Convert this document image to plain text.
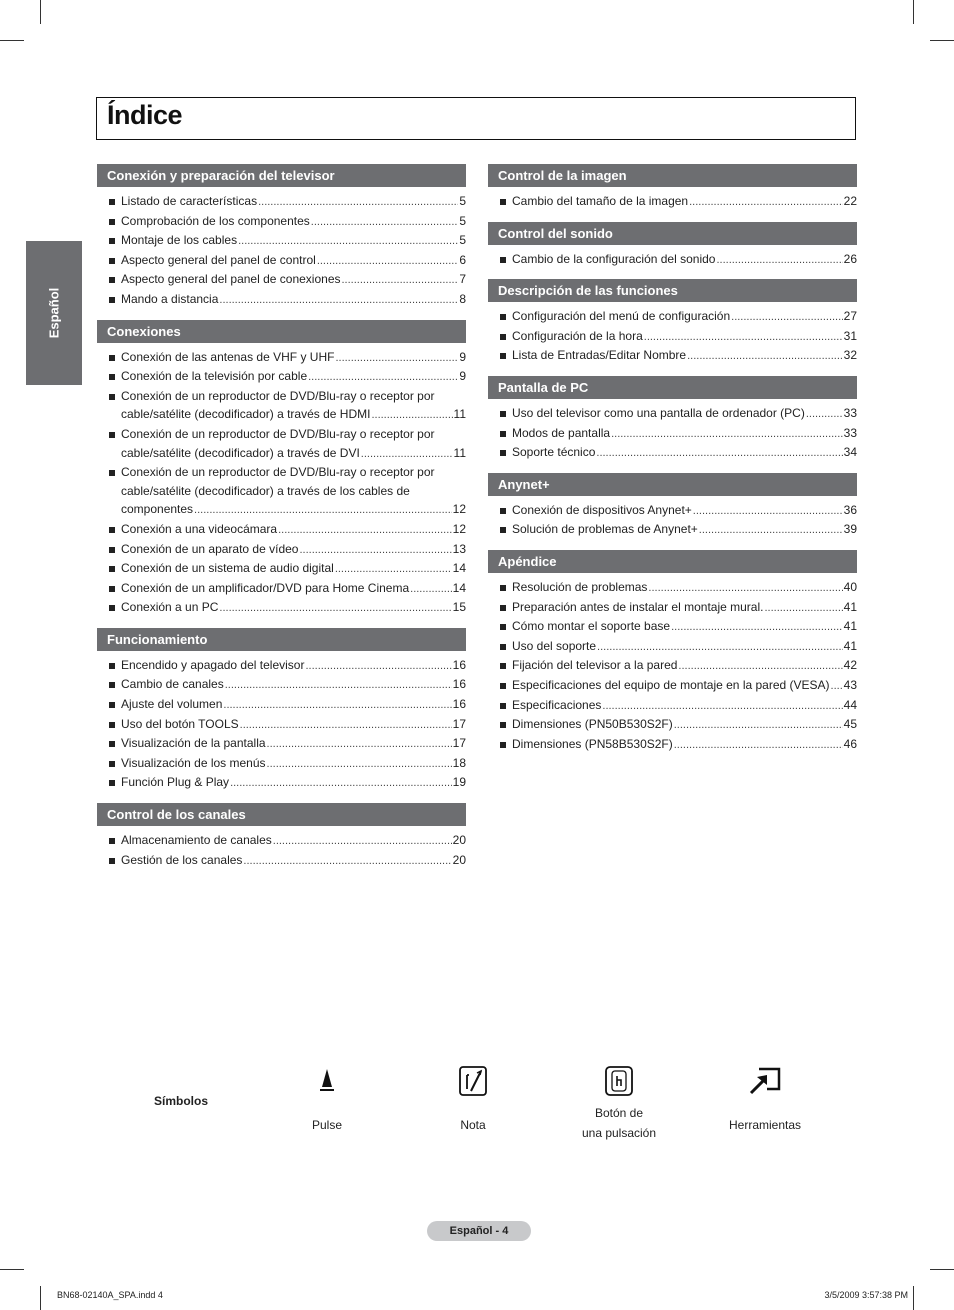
Índice
Español
Conexión y preparación del televisor
Listado de características .....	5
Comprobación de los componentes .....	5
Montaje de los cables .....	5
Aspecto general del panel de control .....	6
Aspecto general del panel de conexiones .....	7
Mando a distancia .....	8
Conexiones
Conexión de las antenas de VHF y UHF .....	9
Conexión de la televisión por cable .....	9
Conexión de un reproductor de DVD/Blu-ray o receptor por
cable/satélite (decodificador) a través de HDMI .....	11
Conexión de un reproductor de DVD/Blu-ray o receptor por
cable/satélite (decodificador) a través de DVI .....	11
Conexión de un reproductor de DVD/Blu-ray o receptor por
cable/satélite (decodificador) a través de los cables de
componentes .....	12
Conexión a una videocámara .....	12
Conexión de un aparato de vídeo .....	13
Conexión de un sistema de audio digital .....	14
Conexión de un amplificador/DVD para Home Cinema .....	14
Conexión a un PC .....	15
Funcionamiento
Encendido y apagado del televisor .....	16
Cambio de canales .....	16
Ajuste del volumen .....	16
Uso del botón TOOLS .....	17
Visualización de la pantalla .....	17
Visualización de los menús .....	18
Función Plug & Play .....	19
Control de los canales
Almacenamiento de canales .....	20
Gestión de los canales .....	20
Control de la imagen
Cambio del tamaño de la imagen .....	22
Control del sonido
Cambio de la configuración del sonido .....	26
Descripción de las funciones
Configuración del menú de configuración .....	27
Configuración de la hora .....	31
Lista de Entradas/Editar Nombre .....	32
Pantalla de PC
Uso del televisor como una pantalla de ordenador (PC) .....	33
Modos de pantalla .....	33
Soporte técnico .....	34
Anynet+
Conexión de dispositivos Anynet+ .....	36
Solución de problemas de Anynet+ .....	39
Apéndice
Resolución de problemas .....	40
Preparación antes de instalar el montaje mural. .....	41
Cómo montar el soporte base .....	41
Uso del soporte .....	41
Fijación del televisor a la pared .....	42
Especificaciones del equipo de montaje en la pared (VESA) ..... 43
Especificaciones .....	44
Dimensiones (PN50B530S2F) .....	45
Dimensiones (PN58B530S2F) .....	46
Símbolos
Pulse	Nota
Botón de
una pulsación
Herramientas
Español - 4
BN68-02140A_SPA.indd 4	3/5/2009 3:57:38 PM
